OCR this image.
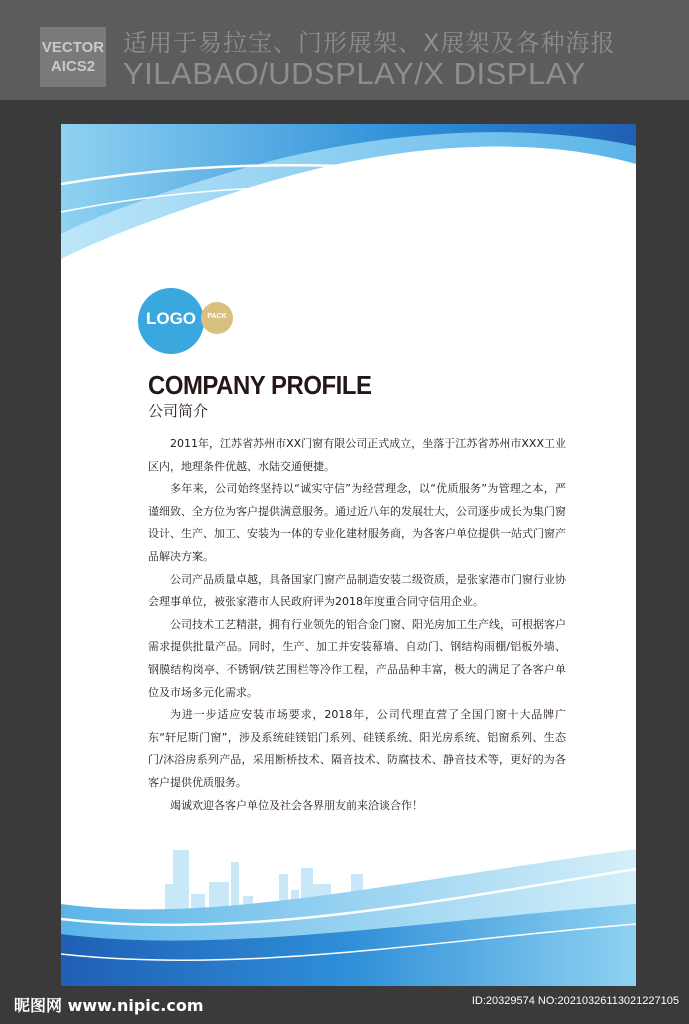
VECTOR
AICS2
适用于易拉宝、门形展架、X展架及各种海报
YILABAO/UDSPLAY/X DISPLAY
LOGO	PACK
COMPANY PROFILE
公司简介

2011年，江苏省苏州市XX门窗有限公司正式成立，坐落于江苏省苏州市XXX工业区内，地理条件优越、水陆交通便捷。

多年来，公司始终坚持以“诚实守信”为经营理念，以“优质服务”为管理之本，严谨细致、全方位为客户提供满意服务。通过近八年的发展壮大，公司逐步成长为集门窗设计、生产、加工、安装为一体的专业化建材服务商，为各客户单位提供一站式门窗产品解决方案。

公司产品质量卓越，具备国家门窗产品制造安装二级资质，是张家港市门窗行业协会理事单位，被张家港市人民政府评为2018年度重合同守信用企业。

公司技术工艺精湛，拥有行业领先的铝合金门窗、阳光房加工生产线，可根据客户需求提供批量产品。同时，生产、加工并安装幕墙、自动门、钢结构雨棚/铝板外墙、钢膜结构岗亭、不锈钢/铁艺围栏等冷作工程，产品品种丰富，极大的满足了各客户单位及市场多元化需求。

为进一步适应安装市场要求，2018年，公司代理直营了全国门窗十大品牌广东“轩尼斯门窗”，涉及系统硅镁铝门系列、硅镁系统、阳光房系统、铝窗系列、生态门/沐浴房系列产品，采用断桥技术、隔音技术、防腐技术、静音技术等，更好的为各客户提供优质服务。

竭诚欢迎各客户单位及社会各界朋友前来洽谈合作！

昵图网 www.nipic.com	ID:20329574 NO:20210326113021227105
